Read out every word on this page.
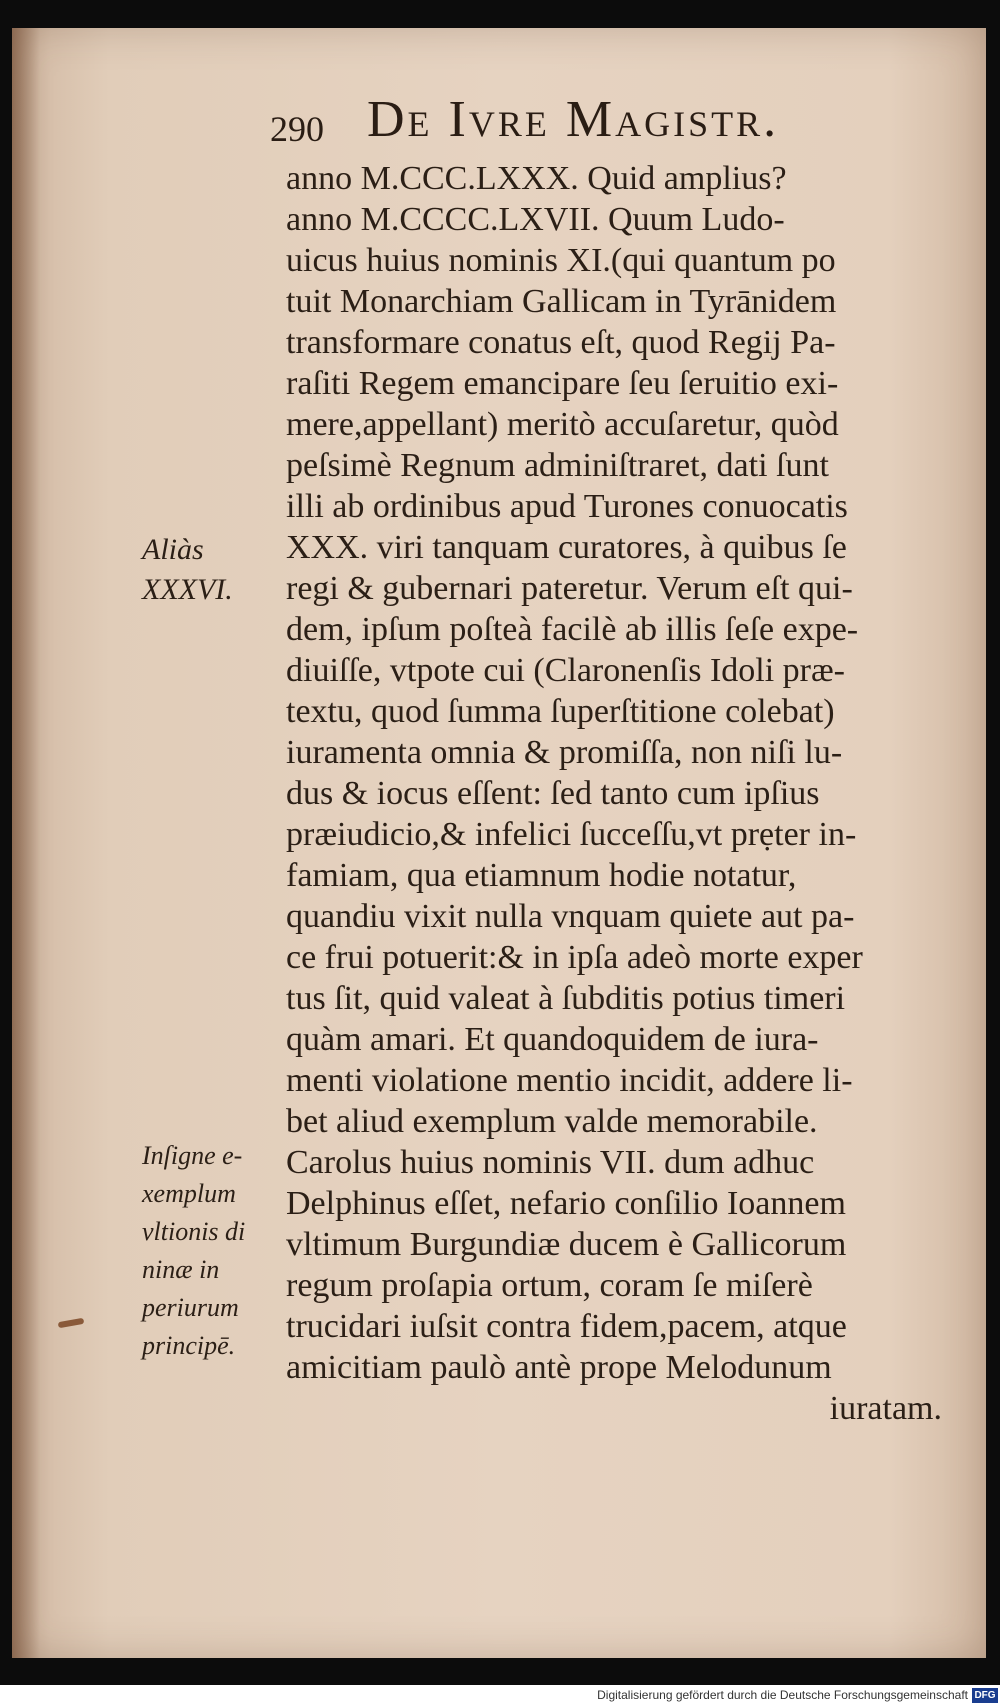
290 De Ivre Magistr.
anno M.CCC.LXXX. Quid amplius?
anno M.CCCC.LXVII. Quum Ludo-
uicus huius nominis XI.(qui quantum po
tuit Monarchiam Gallicam in Tyrānidem
transformare conatus eſt, quod Regij Pa-
raſiti Regem emancipare ſeu ſeruitio exi-
mere,appellant) meritò accuſaretur, quòd
peſsimè Regnum adminiſtraret, dati ſunt
illi ab ordinibus apud Turones conuocatis
XXX. viri tanquam curatores, à quibus ſe
regi & gubernari pateretur. Verum eſt qui-
dem, ipſum poſteà facilè ab illis ſeſe expe-
diuiſſe, vtpote cui (Claronenſis Idoli præ-
textu, quod ſumma ſuperſtitione colebat)
iuramenta omnia & promiſſa, non niſi lu-
dus & iocus eſſent: ſed tanto cum ipſius
præiudicio,& infelici ſucceſſu,vt prẹter in-
famiam, qua etiamnum hodie notatur,
quandiu vixit nulla vnquam quiete aut pa-
ce frui potuerit:& in ipſa adeò morte exper
tus ſit, quid valeat à ſubditis potius timeri
quàm amari. Et quandoquidem de iura-
menti violatione mentio incidit, addere li-
bet aliud exemplum valde memorabile.
Carolus huius nominis VII. dum adhuc
Delphinus eſſet, nefario conſilio Ioannem
vltimum Burgundiæ ducem è Gallicorum
regum proſapia ortum, coram ſe miſerè
trucidari iuſsit contra fidem,pacem, atque
amicitiam paulò antè prope Melodunum
iuratam.
Aliàs
XXXVI.
Inſigne e-
xemplum
vltionis di
ninæ in
periurum
principē.
Digitalisierung gefördert durch die Deutsche Forschungsgemeinschaft DFG
